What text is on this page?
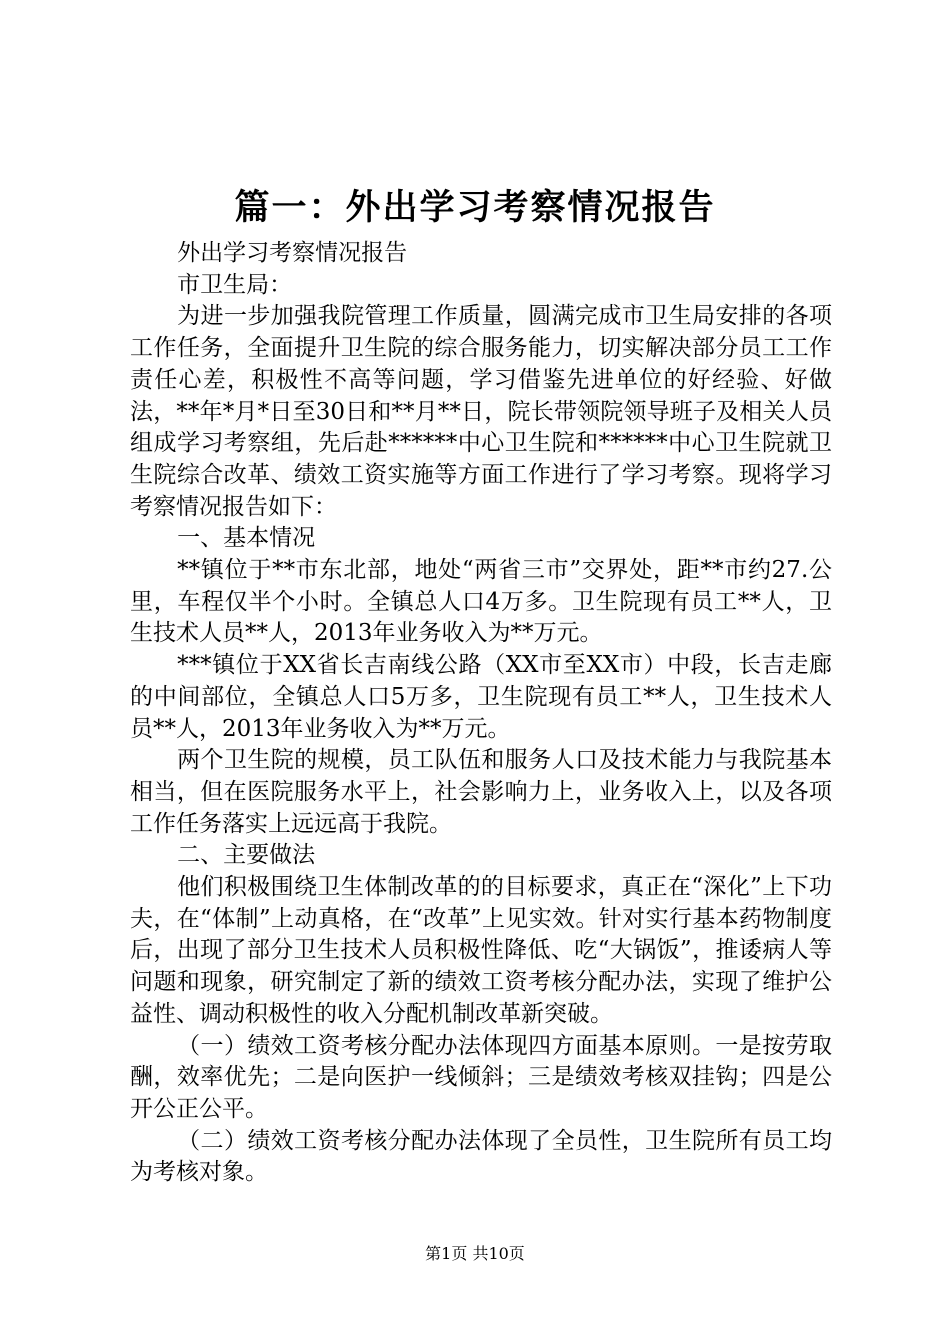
篇一：外出学习考察情况报告

外出学习考察情况报告

市卫生局：

为进一步加强我院管理工作质量，圆满完成市卫生局安排的各项工作任务，全面提升卫生院的综合服务能力，切实解决部分员工工作责任心差，积极性不高等问题，学习借鉴先进单位的好经验、好做法，**年*月*日至30日和**月**日，院长带领院领导班子及相关人员组成学习考察组，先后赴******中心卫生院和******中心卫生院就卫生院综合改革、绩效工资实施等方面工作进行了学习考察。现将学习考察情况报告如下：

一、基本情况

**镇位于**市东北部，地处“两省三市”交界处，距**市约27.公里，车程仅半个小时。全镇总人口4万多。卫生院现有员工**人，卫生技术人员**人，2013年业务收入为**万元。

***镇位于XX省长吉南线公路（XX市至XX市）中段，长吉走廊的中间部位，全镇总人口5万多，卫生院现有员工**人，卫生技术人员**人，2013年业务收入为**万元。

两个卫生院的规模，员工队伍和服务人口及技术能力与我院基本相当，但在医院服务水平上，社会影响力上，业务收入上，以及各项工作任务落实上远远高于我院。

二、主要做法

他们积极围绕卫生体制改革的的目标要求，真正在“深化”上下功夫，在“体制”上动真格，在“改革”上见实效。针对实行基本药物制度后，出现了部分卫生技术人员积极性降低、吃“大锅饭”，推诿病人等问题和现象，研究制定了新的绩效工资考核分配办法，实现了维护公益性、调动积极性的收入分配机制改革新突破。

（一）绩效工资考核分配办法体现四方面基本原则。一是按劳取酬，效率优先；二是向医护一线倾斜；三是绩效考核双挂钩；四是公开公正公平。

（二）绩效工资考核分配办法体现了全员性，卫生院所有员工均为考核对象。

第1页 共10页
